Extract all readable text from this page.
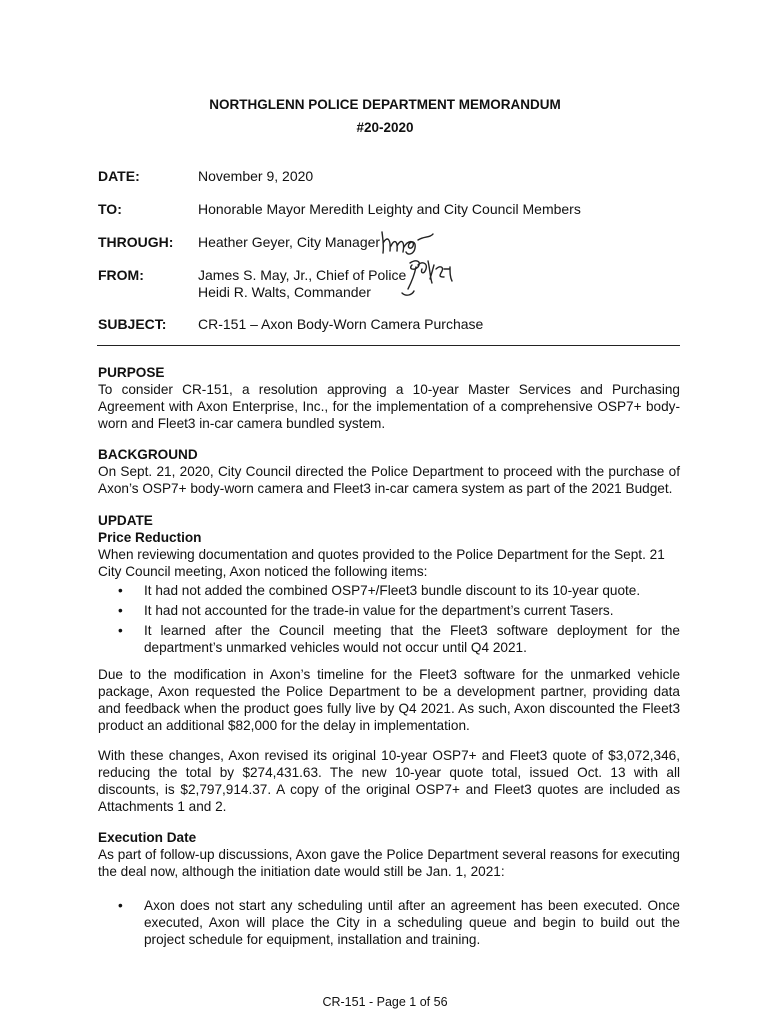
NORTHGLENN POLICE DEPARTMENT MEMORANDUM
#20-2020
DATE:	November 9, 2020
TO:	Honorable Mayor Meredith Leighty and City Council Members
THROUGH: Heather Geyer, City Manager
FROM:	James S. May, Jr., Chief of Police
Heidi R. Walts, Commander
SUBJECT: CR-151 – Axon Body-Worn Camera Purchase
PURPOSE
To consider CR-151, a resolution approving a 10-year Master Services and Purchasing Agreement with Axon Enterprise, Inc., for the implementation of a comprehensive OSP7+ body-worn and Fleet3 in-car camera bundled system.
BACKGROUND
On Sept. 21, 2020, City Council directed the Police Department to proceed with the purchase of Axon’s OSP7+ body-worn camera and Fleet3 in-car camera system as part of the 2021 Budget.
UPDATE
Price Reduction
When reviewing documentation and quotes provided to the Police Department for the Sept. 21 City Council meeting, Axon noticed the following items:
• It had not added the combined OSP7+/Fleet3 bundle discount to its 10-year quote.
• It had not accounted for the trade-in value for the department’s current Tasers.
• It learned after the Council meeting that the Fleet3 software deployment for the department’s unmarked vehicles would not occur until Q4 2021.
Due to the modification in Axon’s timeline for the Fleet3 software for the unmarked vehicle package, Axon requested the Police Department to be a development partner, providing data and feedback when the product goes fully live by Q4 2021. As such, Axon discounted the Fleet3 product an additional $82,000 for the delay in implementation.
With these changes, Axon revised its original 10-year OSP7+ and Fleet3 quote of $3,072,346, reducing the total by $274,431.63. The new 10-year quote total, issued Oct. 13 with all discounts, is $2,797,914.37. A copy of the original OSP7+ and Fleet3 quotes are included as Attachments 1 and 2.
Execution Date
As part of follow-up discussions, Axon gave the Police Department several reasons for executing the deal now, although the initiation date would still be Jan. 1, 2021:
• Axon does not start any scheduling until after an agreement has been executed. Once executed, Axon will place the City in a scheduling queue and begin to build out the project schedule for equipment, installation and training.
CR-151 - Page 1 of 56
